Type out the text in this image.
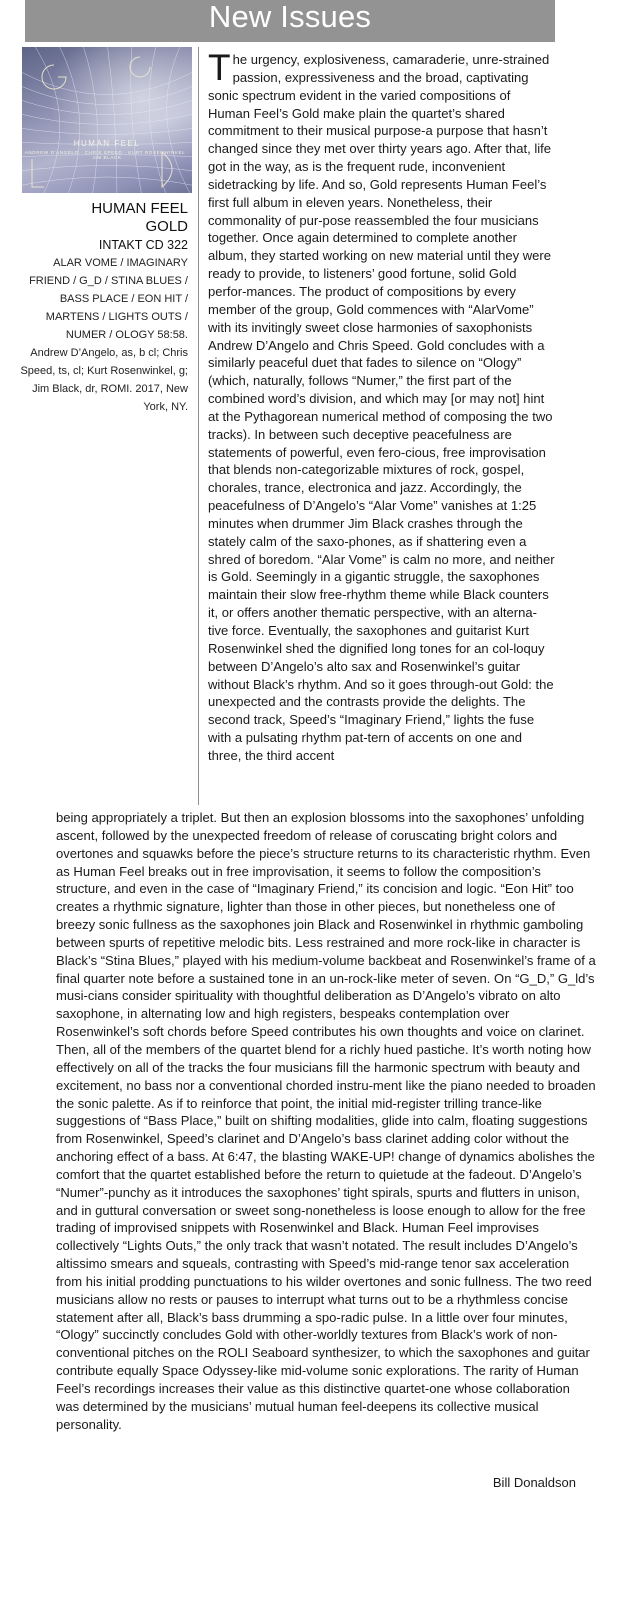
New Issues
HUMAN FEEL
ANDREW D'ANGELO · CHRIS SPEED · KURT ROSENWINKEL · JIM BLACK
HUMAN FEEL
GOLD
INTAKT CD 322
ALAR VOME / IMAGINARY FRIEND / G_D / STINA BLUES / BASS PLACE / EON HIT / MARTENS / LIGHTS OUTS / NUMER / OLOGY 58:58.
Andrew D’Angelo, as, b cl; Chris Speed, ts, cl; Kurt Rosenwinkel, g; Jim Black, dr, ROMI. 2017, New York, NY.
T he urgency, explosiveness, camaraderie, unre-strained passion, expressiveness and the broad, captivating sonic spectrum evident in the varied compositions of Human Feel’s Gold make plain the quartet’s shared commitment to their musical purpose-a purpose that hasn’t changed since they met over thirty years ago. After that, life got in the way, as is the frequent rude, inconvenient sidetracking by life. And so, Gold represents Human Feel’s first full album in eleven years. Nonetheless, their commonality of pur-pose reassembled the four musicians together. Once again determined to complete another album, they started working on new material until they were ready to provide, to listeners’ good fortune, solid Gold perfor-mances. The product of compositions by every member of the group, Gold commences with “AlarVome” with its invitingly sweet close harmonies of saxophonists Andrew D’Angelo and Chris Speed. Gold concludes with a similarly peaceful duet that fades to silence on “Ology” (which, naturally, follows “Numer,” the first part of the combined word’s division, and which may [or may not] hint at the Pythagorean numerical method of composing the two tracks). In between such deceptive peacefulness are statements of powerful, even fero-cious, free improvisation that blends non-categorizable mixtures of rock, gospel, chorales, trance, electronica and jazz. Accordingly, the peacefulness of D’Angelo’s “Alar Vome” vanishes at 1:25 minutes when drummer Jim Black crashes through the stately calm of the saxo-phones, as if shattering even a shred of boredom. “Alar Vome” is calm no more, and neither is Gold. Seemingly in a gigantic struggle, the saxophones maintain their slow free-rhythm theme while Black counters it, or offers another thematic perspective, with an alterna-tive force. Eventually, the saxophones and guitarist Kurt Rosenwinkel shed the dignified long tones for an col-loquy between D’Angelo’s alto sax and Rosenwinkel’s guitar without Black’s rhythm. And so it goes through-out Gold: the unexpected and the contrasts provide the delights. The second track, Speed’s “Imaginary Friend,” lights the fuse with a pulsating rhythm pat-tern of accents on one and three, the third accent
being appropriately a triplet. But then an explosion blossoms into the saxophones’ unfolding ascent, followed by the unexpected freedom of release of coruscating bright colors and overtones and squawks before the piece’s structure returns to its characteristic rhythm. Even as Human Feel breaks out in free improvisation, it seems to follow the composition’s structure, and even in the case of “Imaginary Friend,” its concision and logic. “Eon Hit” too creates a rhythmic signature, lighter than those in other pieces, but nonetheless one of breezy sonic fullness as the saxophones join Black and Rosenwinkel in rhythmic gamboling between spurts of repetitive melodic bits. Less restrained and more rock-like in character is Black’s “Stina Blues,” played with his medium-volume backbeat and Rosenwinkel’s frame of a final quarter note before a sustained tone in an un-rock-like meter of seven. On “G_D,” G_ld’s musi-cians consider spirituality with thoughtful deliberation as D’Angelo’s vibrato on alto saxophone, in alternating low and high registers, bespeaks contemplation over Rosenwinkel’s soft chords before Speed contributes his own thoughts and voice on clarinet. Then, all of the members of the quartet blend for a richly hued pastiche. It’s worth noting how effectively on all of the tracks the four musicians fill the harmonic spectrum with beauty and excitement, no bass nor a conventional chorded instru-ment like the piano needed to broaden the sonic palette. As if to reinforce that point, the initial mid-register trilling trance-like suggestions of “Bass Place,” built on shifting modalities, glide into calm, floating suggestions from Rosenwinkel, Speed’s clarinet and D’Angelo’s bass clarinet adding color without the anchoring effect of a bass. At 6:47, the blasting WAKE-UP! change of dynamics abolishes the comfort that the quartet established before the return to quietude at the fadeout. D’Angelo’s “Numer”-punchy as it introduces the saxophones’ tight spirals, spurts and flutters in unison, and in guttural conversation or sweet song-nonetheless is loose enough to allow for the free trading of improvised snippets with Rosenwinkel and Black. Human Feel improvises collectively “Lights Outs,” the only track that wasn’t notated. The result includes D’Angelo’s altissimo smears and squeals, contrasting with Speed’s mid-range tenor sax acceleration from his initial prodding punctuations to his wilder overtones and sonic fullness. The two reed musicians allow no rests or pauses to interrupt what turns out to be a rhythmless concise statement after all, Black’s bass drumming a spo-radic pulse. In a little over four minutes, “Ology” succinctly concludes Gold with other-worldly textures from Black’s work of non-conventional pitches on the ROLI Seaboard synthesizer, to which the saxophones and guitar contribute equally Space Odyssey-like mid-volume sonic explorations. The rarity of Human Feel’s recordings increases their value as this distinctive quartet-one whose collaboration was determined by the musicians’ mutual human feel-deepens its collective musical personality.
Bill Donaldson
